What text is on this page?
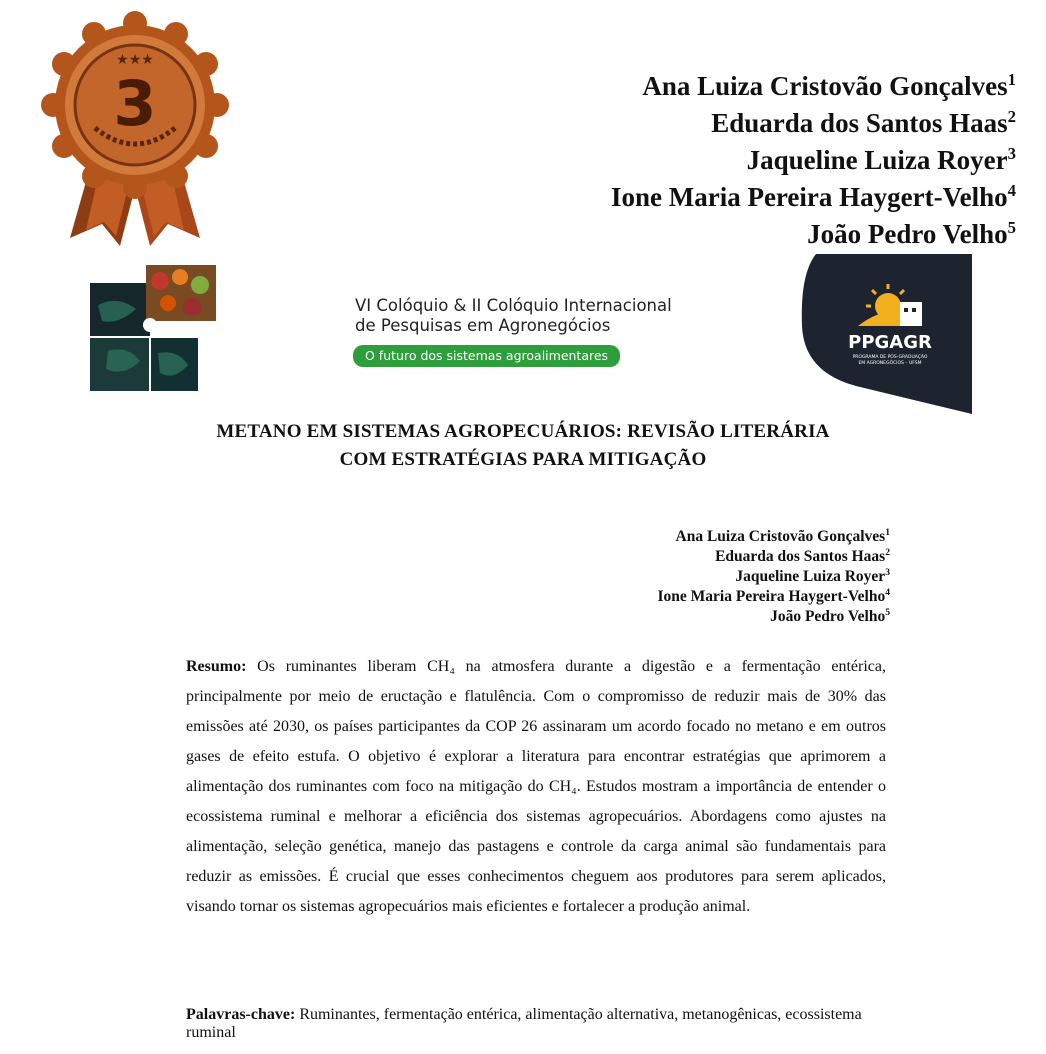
★★★
3	Ana Luiza Cristovão Gonçalves$^1$
Eduarda dos Santos Haas$^2$
Jaqueline Luiza Royer$^3$
Ione Maria Pereira Haygert-Velho$^4$
João Pedro Velho$^5$
VI Colóquio & II Colóquio Internacional
de Pesquisas em Agronegócios
O futuro dos sistemas agroalimentares
PPGAGR
PROGRAMA DE PÓS-GRADUAÇÃO
EM AGRONEGÓCIOS – UFSM
METANO EM SISTEMAS AGROPECUÁRIOS: REVISÃO LITERÁRIA
COM ESTRATÉGIAS PARA MITIGAÇÃO
Ana Luiza Cristovão Gonçalves$^1$
Eduarda dos Santos Haas$^2$
Jaqueline Luiza Royer$^3$
Ione Maria Pereira Haygert-Velho$^4$
João Pedro Velho$^5$
Resumo: Os ruminantes liberam CH₄ na atmosfera durante a digestão e a fermentação entérica, principalmente por meio de eructação e flatulência. Com o compromisso de reduzir mais de 30% das emissões até 2030, os países participantes da COP 26 assinaram um acordo focado no metano e em outros gases de efeito estufa. O objetivo é explorar a literatura para encontrar estratégias que aprimorem a alimentação dos ruminantes com foco na mitigação do CH₄. Estudos mostram a importância de entender o ecossistema ruminal e melhorar a eficiência dos sistemas agropecuários. Abordagens como ajustes na alimentação, seleção genética, manejo das pastagens e controle da carga animal são fundamentais para reduzir as emissões. É crucial que esses conhecimentos cheguem aos produtores para serem aplicados, visando tornar os sistemas agropecuários mais eficientes e fortalecer a produção animal.
Palavras-chave: Ruminantes, fermentação entérica, alimentação alternativa, metanogênicas, ecossistema ruminal
